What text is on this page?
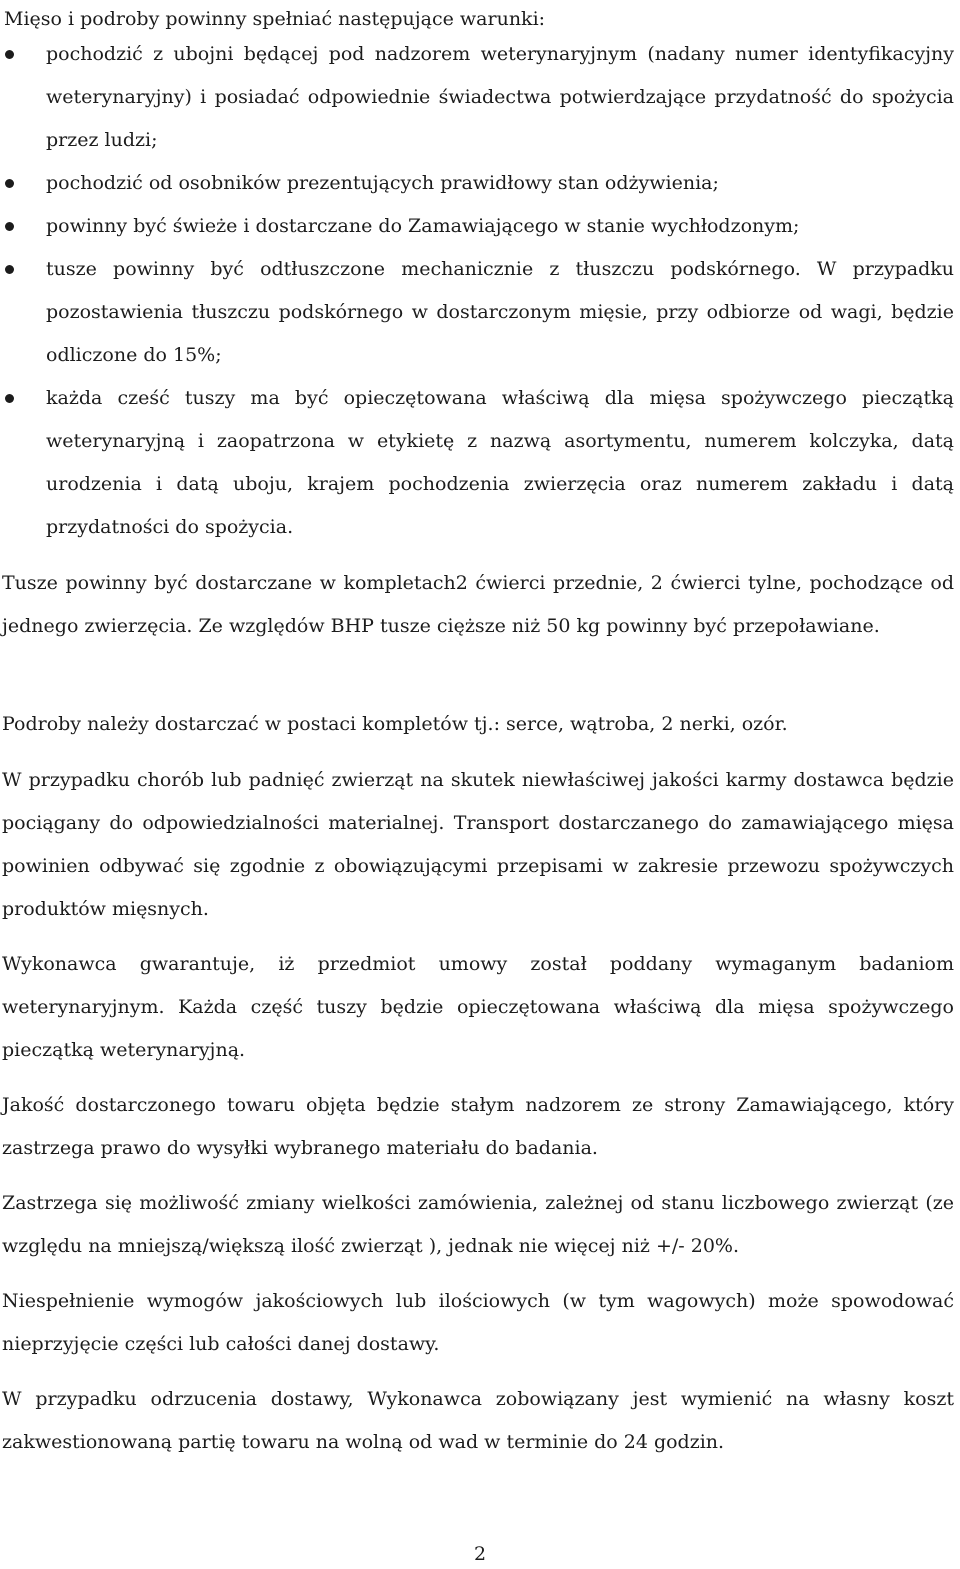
Mięso i podroby powinny spełniać następujące warunki:

pochodzić z ubojni będącej pod nadzorem weterynaryjnym (nadany numer identyfikacyjny weterynaryjny) i posiadać odpowiednie świadectwa potwierdzające przydatność do spożycia przez ludzi;
pochodzić od osobników prezentujących prawidłowy stan odżywienia;
powinny być świeże i dostarczane do Zamawiającego w stanie wychłodzonym;
tusze powinny być odtłuszczone mechanicznie z tłuszczu podskórnego. W przypadku pozostawienia tłuszczu podskórnego w dostarczonym mięsie, przy odbiorze od wagi, będzie odliczone do 15%;
każda cześć tuszy ma być opieczętowana właściwą dla mięsa spożywczego pieczątką weterynaryjną i zaopatrzona w etykietę z nazwą asortymentu, numerem kolczyka, datą urodzenia i datą uboju, krajem pochodzenia zwierzęcia oraz numerem zakładu i datą przydatności do spożycia.

Tusze powinny być dostarczane w kompletach2 ćwierci przednie, 2 ćwierci tylne, pochodzące od jednego zwierzęcia. Ze względów BHP tusze cięższe niż 50 kg powinny być przepoławiane.

Podroby należy dostarczać w postaci kompletów tj.: serce, wątroba, 2 nerki, ozór.

W przypadku chorób lub padnięć zwierząt na skutek niewłaściwej jakości karmy dostawca będzie pociągany do odpowiedzialności materialnej. Transport dostarczanego do zamawiającego mięsa powinien odbywać się zgodnie z obowiązującymi przepisami w zakresie przewozu spożywczych produktów mięsnych.

Wykonawca gwarantuje, iż przedmiot umowy został poddany wymaganym badaniom weterynaryjnym. Każda część tuszy będzie opieczętowana właściwą dla mięsa spożywczego pieczątką weterynaryjną.

Jakość dostarczonego towaru objęta będzie stałym nadzorem ze strony Zamawiającego, który zastrzega prawo do wysyłki wybranego materiału do badania.

Zastrzega się możliwość zmiany wielkości zamówienia, zależnej od stanu liczbowego zwierząt (ze względu na mniejszą/większą ilość zwierząt ), jednak nie więcej niż +/- 20%.

Niespełnienie wymogów jakościowych lub ilościowych (w tym wagowych) może spowodować nieprzyjęcie części lub całości danej dostawy.

W przypadku odrzucenia dostawy, Wykonawca zobowiązany jest wymienić na własny koszt zakwestionowaną partię towaru na wolną od wad w terminie do 24 godzin.

2
